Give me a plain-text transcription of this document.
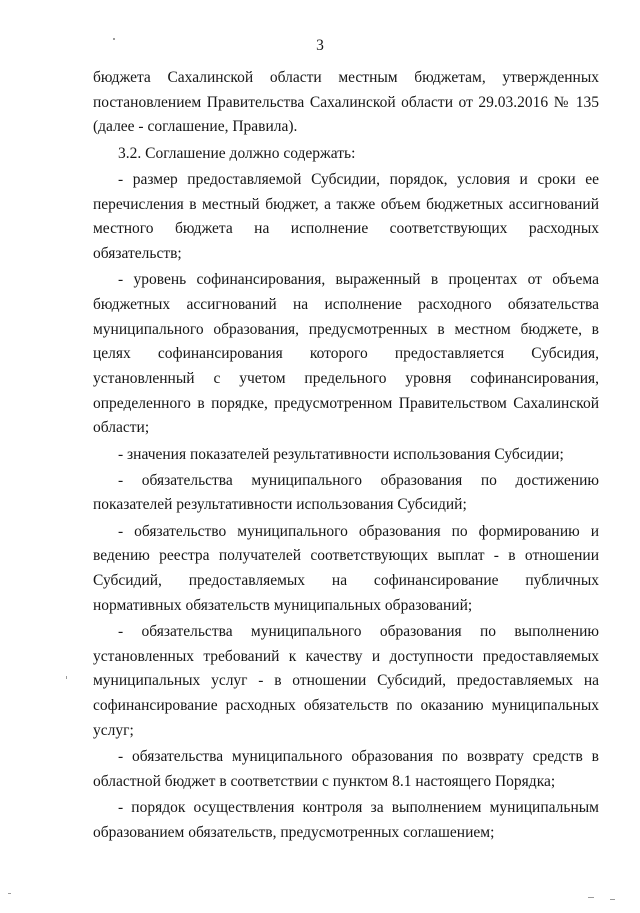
3

бюджета Сахалинской области местным бюджетам, утвержденных постановлением Правительства Сахалинской области от 29.03.2016 № 135 (далее - соглашение, Правила).

3.2. Соглашение должно содержать:

- размер предоставляемой Субсидии, порядок, условия и сроки ее перечисления в местный бюджет, а также объем бюджетных ассигнований местного бюджета на исполнение соответствующих расходных обязательств;

- уровень софинансирования, выраженный в процентах от объема бюджетных ассигнований на исполнение расходного обязательства муниципального образования, предусмотренных в местном бюджете, в целях софинансирования которого предоставляется Субсидия, установленный с учетом предельного уровня софинансирования, определенного в порядке, предусмотренном Правительством Сахалинской области;

- значения показателей результативности использования Субсидии;

- обязательства муниципального образования по достижению показателей результативности использования Субсидий;

- обязательство муниципального образования по формированию и ведению реестра получателей соответствующих выплат - в отношении Субсидий, предоставляемых на софинансирование публичных нормативных обязательств муниципальных образований;

- обязательства муниципального образования по выполнению установленных требований к качеству и доступности предоставляемых муниципальных услуг - в отношении Субсидий, предоставляемых на софинансирование расходных обязательств по оказанию муниципальных услуг;

- обязательства муниципального образования по возврату средств в областной бюджет в соответствии с пунктом 8.1 настоящего Порядка;

- порядок осуществления контроля за выполнением муниципальным образованием обязательств, предусмотренных соглашением;
